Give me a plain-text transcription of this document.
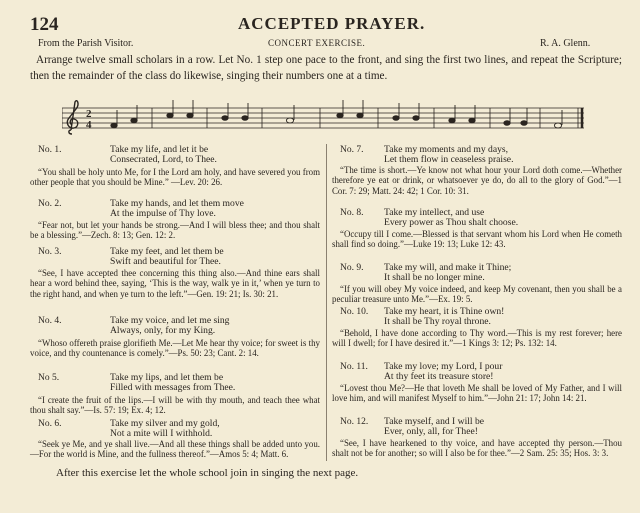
124	ACCEPTED PRAYER.
From the Parish Visitor.	CONCERT EXERCISE.	R. A. Glenn.
Arrange twelve small scholars in a row. Let No. 1 step one pace to the front, and sing the first two lines, and repeat the Scripture; then the remainder of the class do likewise, singing their numbers one at a time.
2
4
No. 1.	Take my life, and let it be
Consecrated, Lord, to Thee.
“You shall be holy unto Me, for I the Lord am holy, and have severed you from other people that you should be Mine.” —Lev. 20: 26.
No. 2.	Take my hands, and let them move
At the impulse of Thy love.
“Fear not, but let your hands be strong.—And I will bless thee; and thou shalt be a blessing.”—Zech. 8: 13; Gen. 12: 2.
No. 3.	Take my feet, and let them be
Swift and beautiful for Thee.
“See, I have accepted thee concerning this thing also.—And thine ears shall hear a word behind thee, saying, ‘This is the way, walk ye in it,’ when ye turn to the right hand, and when ye turn to the left.”—Gen. 19: 21; Is. 30: 21.
No. 4.	Take my voice, and let me sing
Always, only, for my King.
“Whoso offereth praise glorifieth Me.—Let Me hear thy voice; for sweet is thy voice, and thy countenance is comely.”—Ps. 50: 23; Cant. 2: 14.
No 5.	Take my lips, and let them be
Filled with messages from Thee.
“I create the fruit of the lips.—I will be with thy mouth, and teach thee what thou shalt say.”—Is. 57: 19; Ex. 4; 12.
No. 6.	Take my silver and my gold,
Not a mite will I withhold.
“Seek ye Me, and ye shall live.—And all these things shall be added unto you.—For the world is Mine, and the fullness thereof.”—Amos 5: 4; Matt. 6.
No. 7. Take my moments and my days,
Let them flow in ceaseless praise.
“The time is short.—Ye know not what hour your Lord doth come.—Whether therefore ye eat or drink, or whatsoever ye do, do all to the glory of God.”—1 Cor. 7: 29; Matt. 24: 42; 1 Cor. 10: 31.
No. 8. Take my intellect, and use
Every power as Thou shalt choose.
“Occupy till I come.—Blessed is that servant whom his Lord when He cometh shall find so doing.”—Luke 19: 13; Luke 12: 43.
No. 9. Take my will, and make it Thine;
It shall be no longer mine.
“If you will obey My voice indeed, and keep My covenant, then you shall be a peculiar treasure unto Me.”—Ex. 19: 5.
No. 10. Take my heart, it is Thine own!
It shall be Thy royal throne.
“Behold, I have done according to Thy word.—This is my rest forever; here will I dwell; for I have desired it.”—1 Kings 3: 12; Ps. 132: 14.
No. 11. Take my love; my Lord, I pour
At thy feet its treasure store!
“Lovest thou Me?—He that loveth Me shall be loved of My Father, and I will love him, and will manifest Myself to him.”—John 21: 17; John 14: 21.
No. 12. Take myself, and I will be
Ever, only, all, for Thee!
“See, I have hearkened to thy voice, and have accepted thy person.—Thou shalt not be for another; so will I also be for thee.”—2 Sam. 25: 35; Hos. 3: 3.
After this exercise let the whole school join in singing the next page.
